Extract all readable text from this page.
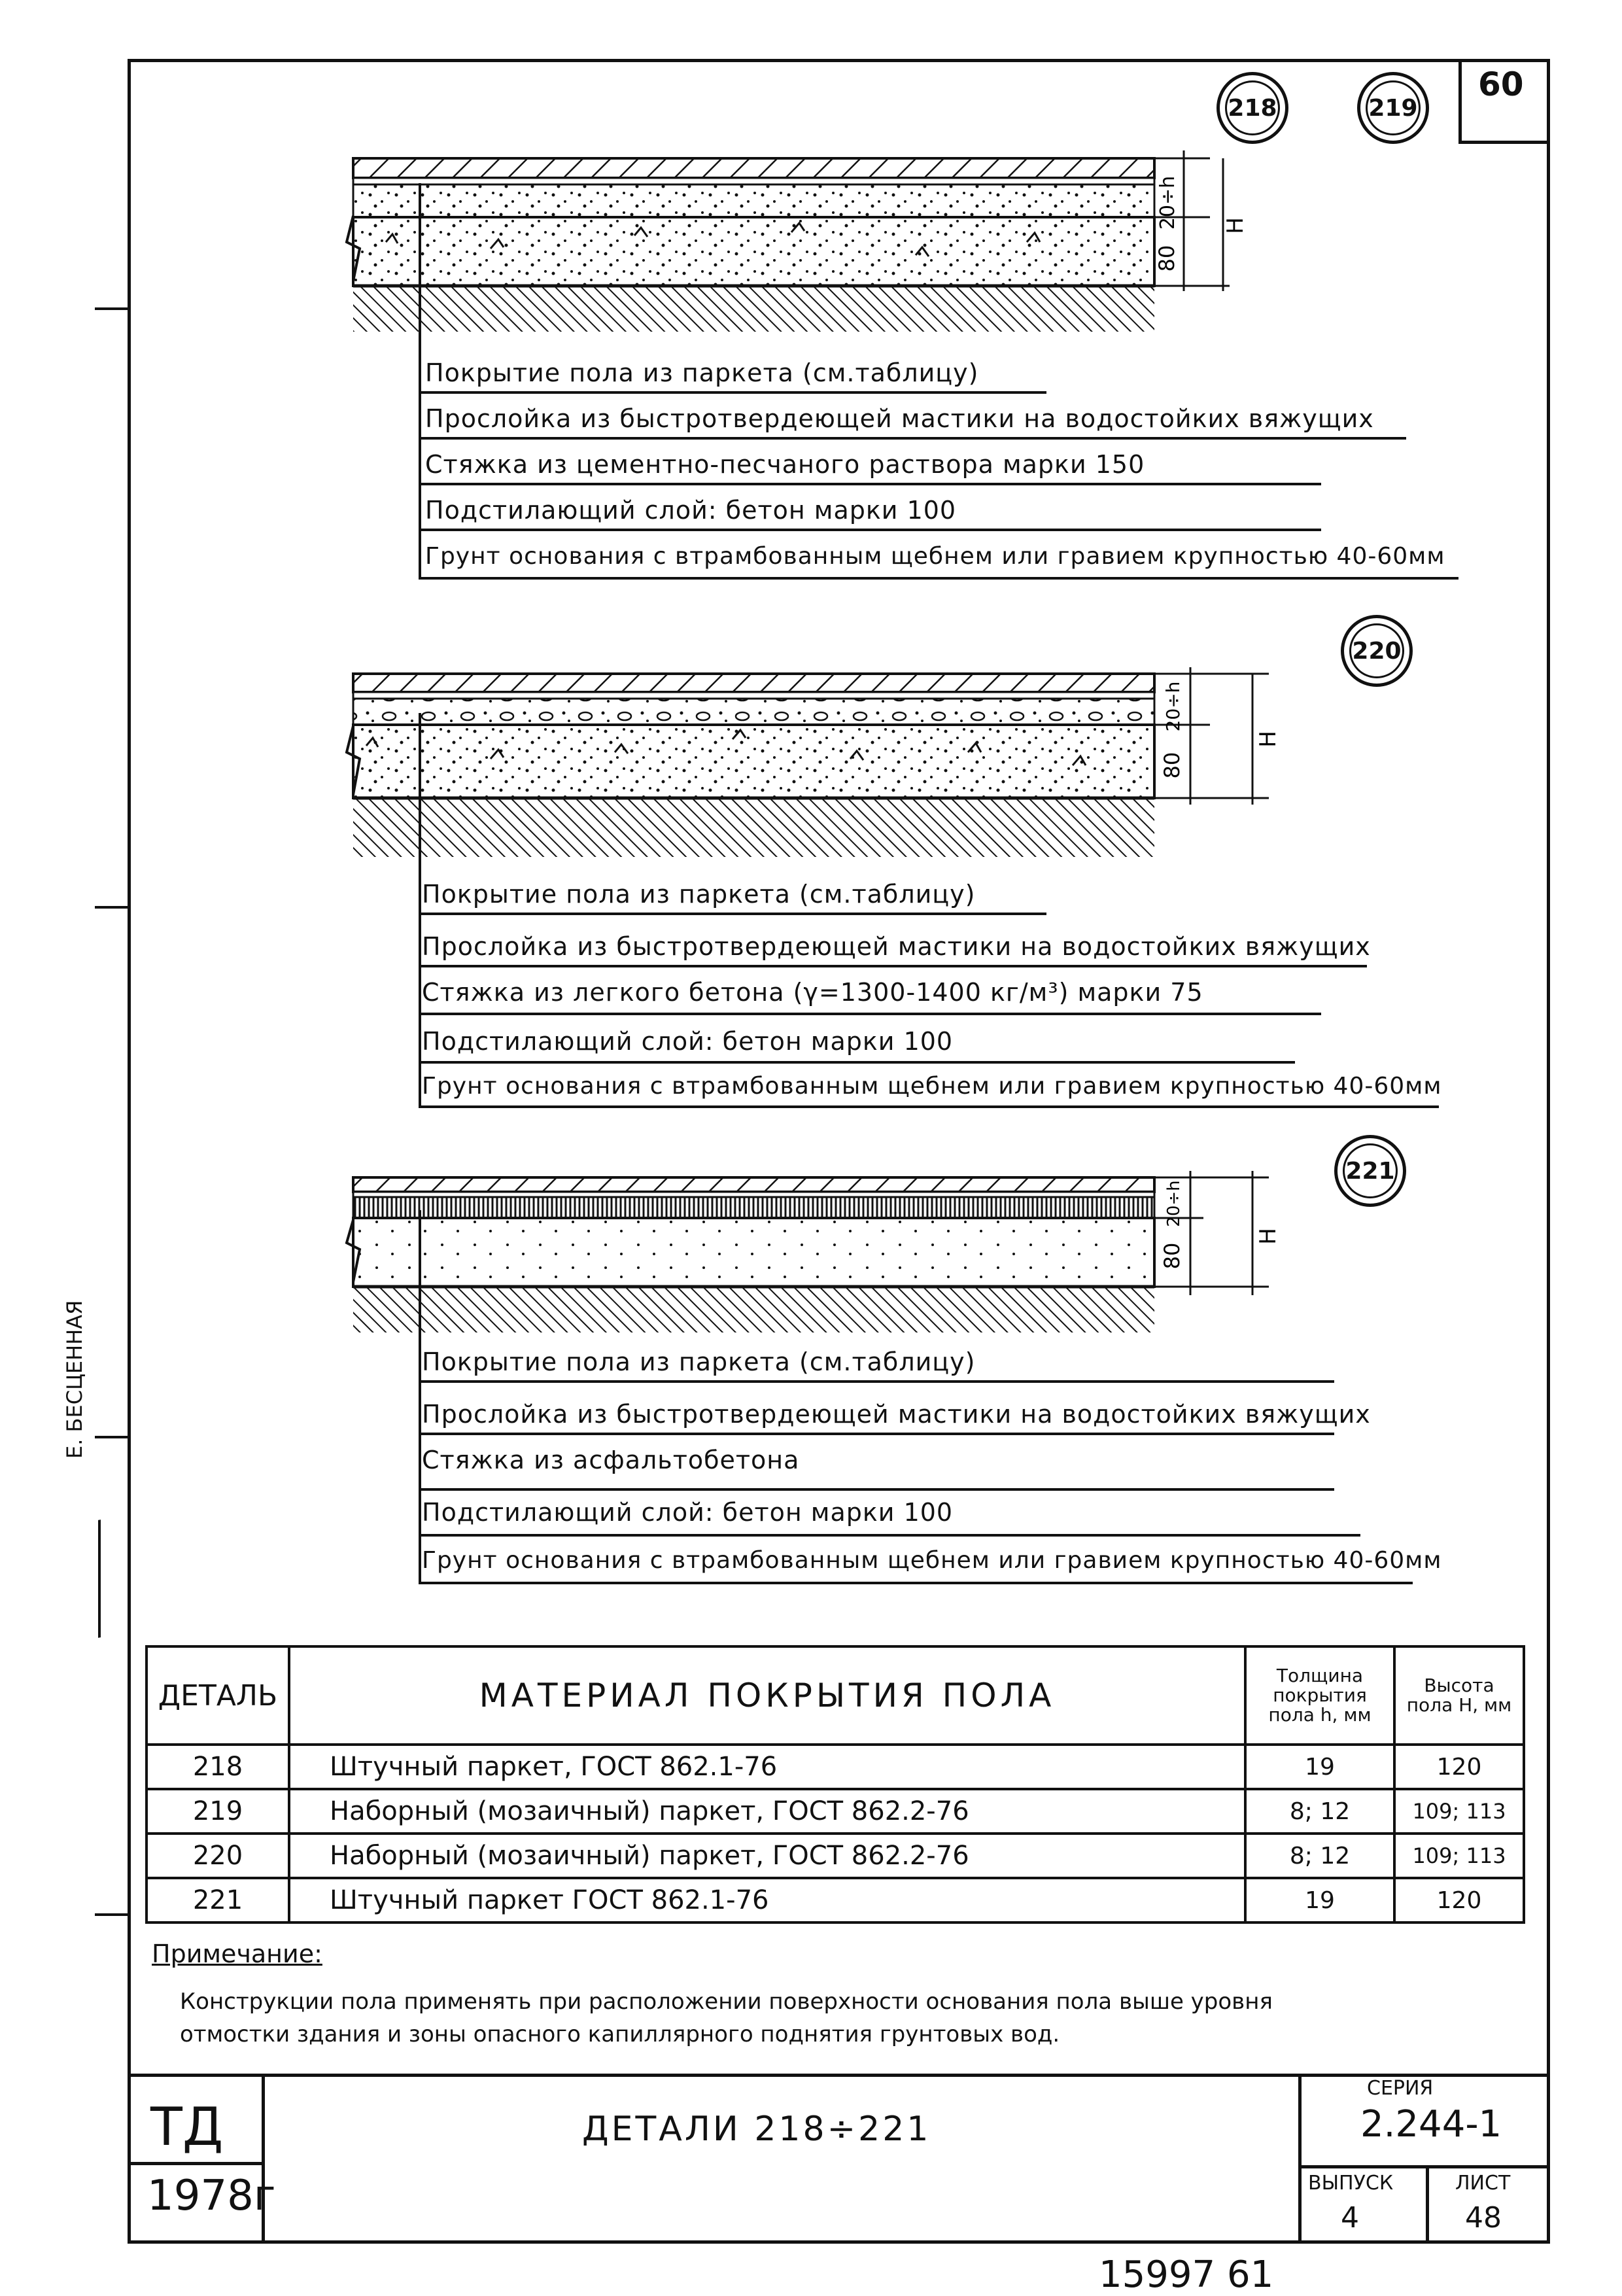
60
Е. БЕСЦЕННАЯ
218	219
20÷h
80
H
Покрытие пола из паркета (см.таблицу)
Прослойка из быстротвердеющей мастики на водостойких вяжущих
Стяжка из цементно-песчаного раствора марки 150
Подстилающий слой: бетон марки 100
Грунт основания с втрамбованным щебнем или гравием крупностью 40-60мм
220
20÷h
80
H
Покрытие пола из паркета (см.таблицу)
Прослойка из быстротвердеющей мастики на водостойких вяжущих
Стяжка из легкого бетона (γ=1300-1400 кг/м³) марки 75
Подстилающий слой: бетон марки 100
Грунт основания с втрамбованным щебнем или гравием крупностью 40-60мм
221
20÷h
80
H
Покрытие пола из паркета (см.таблицу)
Прослойка из быстротвердеющей мастики на водостойких вяжущих
Стяжка из асфальтобетона
Подстилающий слой: бетон марки 100
Грунт основания с втрамбованным щебнем или гравием крупностью 40-60мм
ДЕТАЛЬ	МАТЕРИАЛ ПОКРЫТИЯ ПОЛА	Толщина покрытия пола h, мм	Высота пола H, мм
218	Штучный паркет, ГОСТ 862.1-76	19	120
219	Наборный (мозаичный) паркет, ГОСТ 862.2-76	8; 12	109; 113
220	Наборный (мозаичный) паркет, ГОСТ 862.2-76	8; 12	109; 113
221	Штучный паркет ГОСТ 862.1-76	19	120
Примечание:
Конструкции пола применять при расположении поверхности основания пола выше уровня
отмостки здания и зоны опасного капиллярного поднятия грунтовых вод.
ТД
1978г
ДЕТАЛИ 218÷221
СЕРИЯ
2.244-1
ВЫПУСК
4
ЛИСТ
48
15997 61
